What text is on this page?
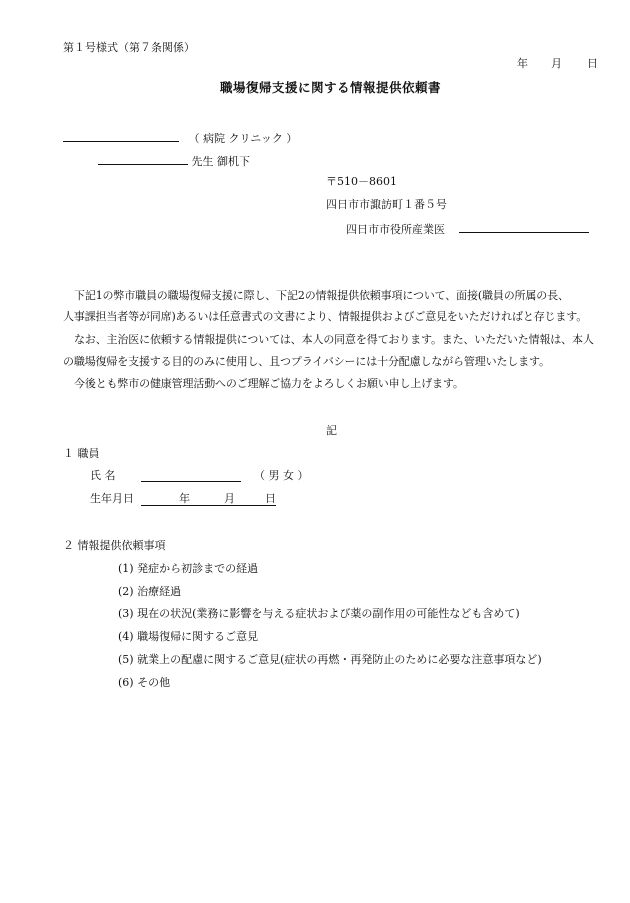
第１号様式（第７条関係）
年 月 日
職場復帰支援に関する情報提供依頼書
（ 病院 クリニック ）
先生 御机下
〒510－8601
四日市市諏訪町１番５号
四日市市役所産業医
下記1の弊市職員の職場復帰支援に際し、下記2の情報提供依頼事項について、面接(職員の所属の長、
人事課担当者等が同席)あるいは任意書式の文書により、情報提供およびご意見をいただければと存じます。
なお、主治医に依頼する情報提供については、本人の同意を得ております。また、いただいた情報は、本人
の職場復帰を支援する目的のみに使用し、且つプライバシーには十分配慮しながら管理いたします。
今後とも弊市の健康管理活動へのご理解ご協力をよろしくお願い申し上げます。
記
１ 職員
氏 名	（ 男 女 ）
生年月日	年	月	日
２ 情報提供依頼事項
(1) 発症から初診までの経過
(2) 治療経過
(3) 現在の状況(業務に影響を与える症状および薬の副作用の可能性なども含めて)
(4) 職場復帰に関するご意見
(5) 就業上の配慮に関するご意見(症状の再燃・再発防止のために必要な注意事項など)
(6) その他
